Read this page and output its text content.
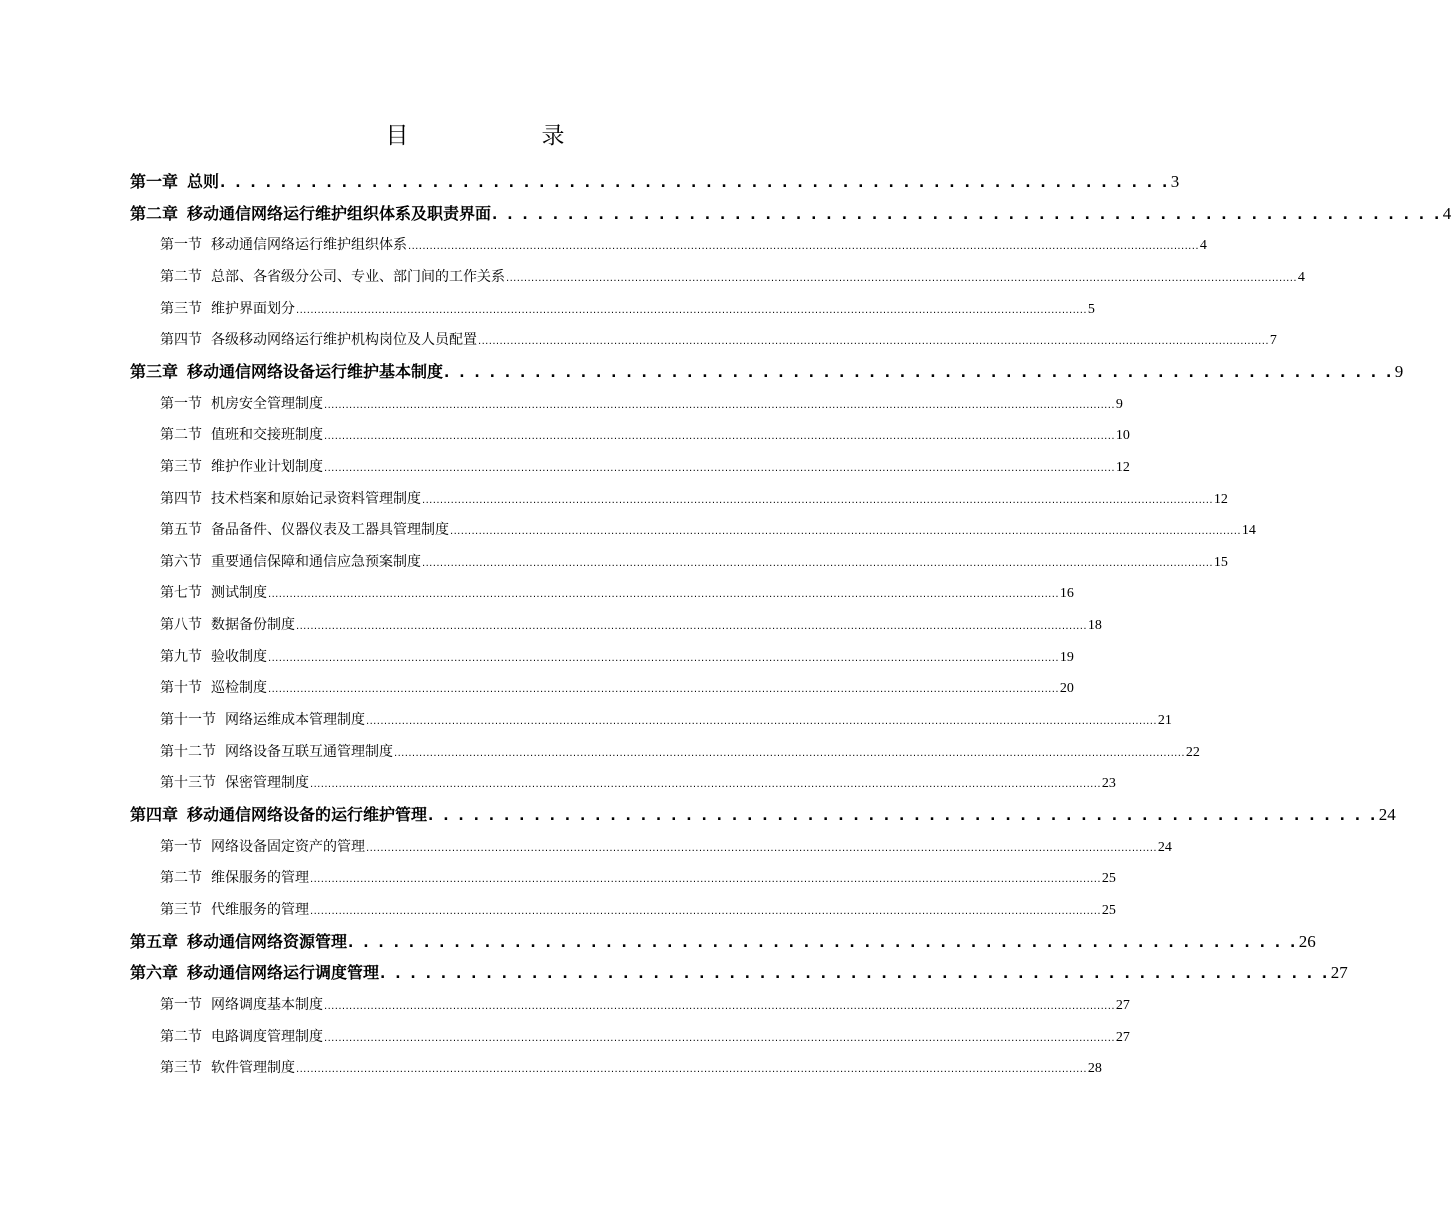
目　录
第一章 总则 . . . . . . . . . . . . . . . . . . . . . . . . . . . . . . . . . . . . . . . . . . . . . . . . . . . . . . . . . . . . . . . 3
第二章 移动通信网络运行维护组织体系及职责界面 . . . . . . . . . . . . . . . . . . . . . . . . . . . . . . . . . . . . . . . . . . . . . . . . . . . . . . . . . . . . . . . 4
第一节 移动通信网络运行维护组织体系 ............................................................................................................................................................................................................................. 4
第二节 总部、各省级分公司、专业、部门间的工作关系 ............................................................................................................................................................................................................................. 4
第三节 维护界面划分 ............................................................................................................................................................................................................................. 5
第四节 各级移动网络运行维护机构岗位及人员配置 ............................................................................................................................................................................................................................. 7
第三章 移动通信网络设备运行维护基本制度 . . . . . . . . . . . . . . . . . . . . . . . . . . . . . . . . . . . . . . . . . . . . . . . . . . . . . . . . . . . . . . . 9
第一节 机房安全管理制度 ............................................................................................................................................................................................................................. 9
第二节 值班和交接班制度 ............................................................................................................................................................................................................................. 10
第三节 维护作业计划制度 ............................................................................................................................................................................................................................. 12
第四节 技术档案和原始记录资料管理制度 ............................................................................................................................................................................................................................. 12
第五节 备品备件、仪器仪表及工器具管理制度 ............................................................................................................................................................................................................................. 14
第六节 重要通信保障和通信应急预案制度 ............................................................................................................................................................................................................................. 15
第七节 测试制度 ............................................................................................................................................................................................................................. 16
第八节 数据备份制度 ............................................................................................................................................................................................................................. 18
第九节 验收制度 ............................................................................................................................................................................................................................. 19
第十节 巡检制度 ............................................................................................................................................................................................................................. 20
第十一节 网络运维成本管理制度 ............................................................................................................................................................................................................................. 21
第十二节 网络设备互联互通管理制度 ............................................................................................................................................................................................................................. 22
第十三节 保密管理制度 ............................................................................................................................................................................................................................. 23
第四章 移动通信网络设备的运行维护管理 . . . . . . . . . . . . . . . . . . . . . . . . . . . . . . . . . . . . . . . . . . . . . . . . . . . . . . . . . . . . . . . 24
第一节 网络设备固定资产的管理 ............................................................................................................................................................................................................................. 24
第二节 维保服务的管理 ............................................................................................................................................................................................................................. 25
第三节 代维服务的管理 ............................................................................................................................................................................................................................. 25
第五章 移动通信网络资源管理 . . . . . . . . . . . . . . . . . . . . . . . . . . . . . . . . . . . . . . . . . . . . . . . . . . . . . . . . . . . . . . . 26
第六章 移动通信网络运行调度管理 . . . . . . . . . . . . . . . . . . . . . . . . . . . . . . . . . . . . . . . . . . . . . . . . . . . . . . . . . . . . . . . 27
第一节 网络调度基本制度 ............................................................................................................................................................................................................................. 27
第二节 电路调度管理制度 ............................................................................................................................................................................................................................. 27
第三节 软件管理制度 ............................................................................................................................................................................................................................. 28
